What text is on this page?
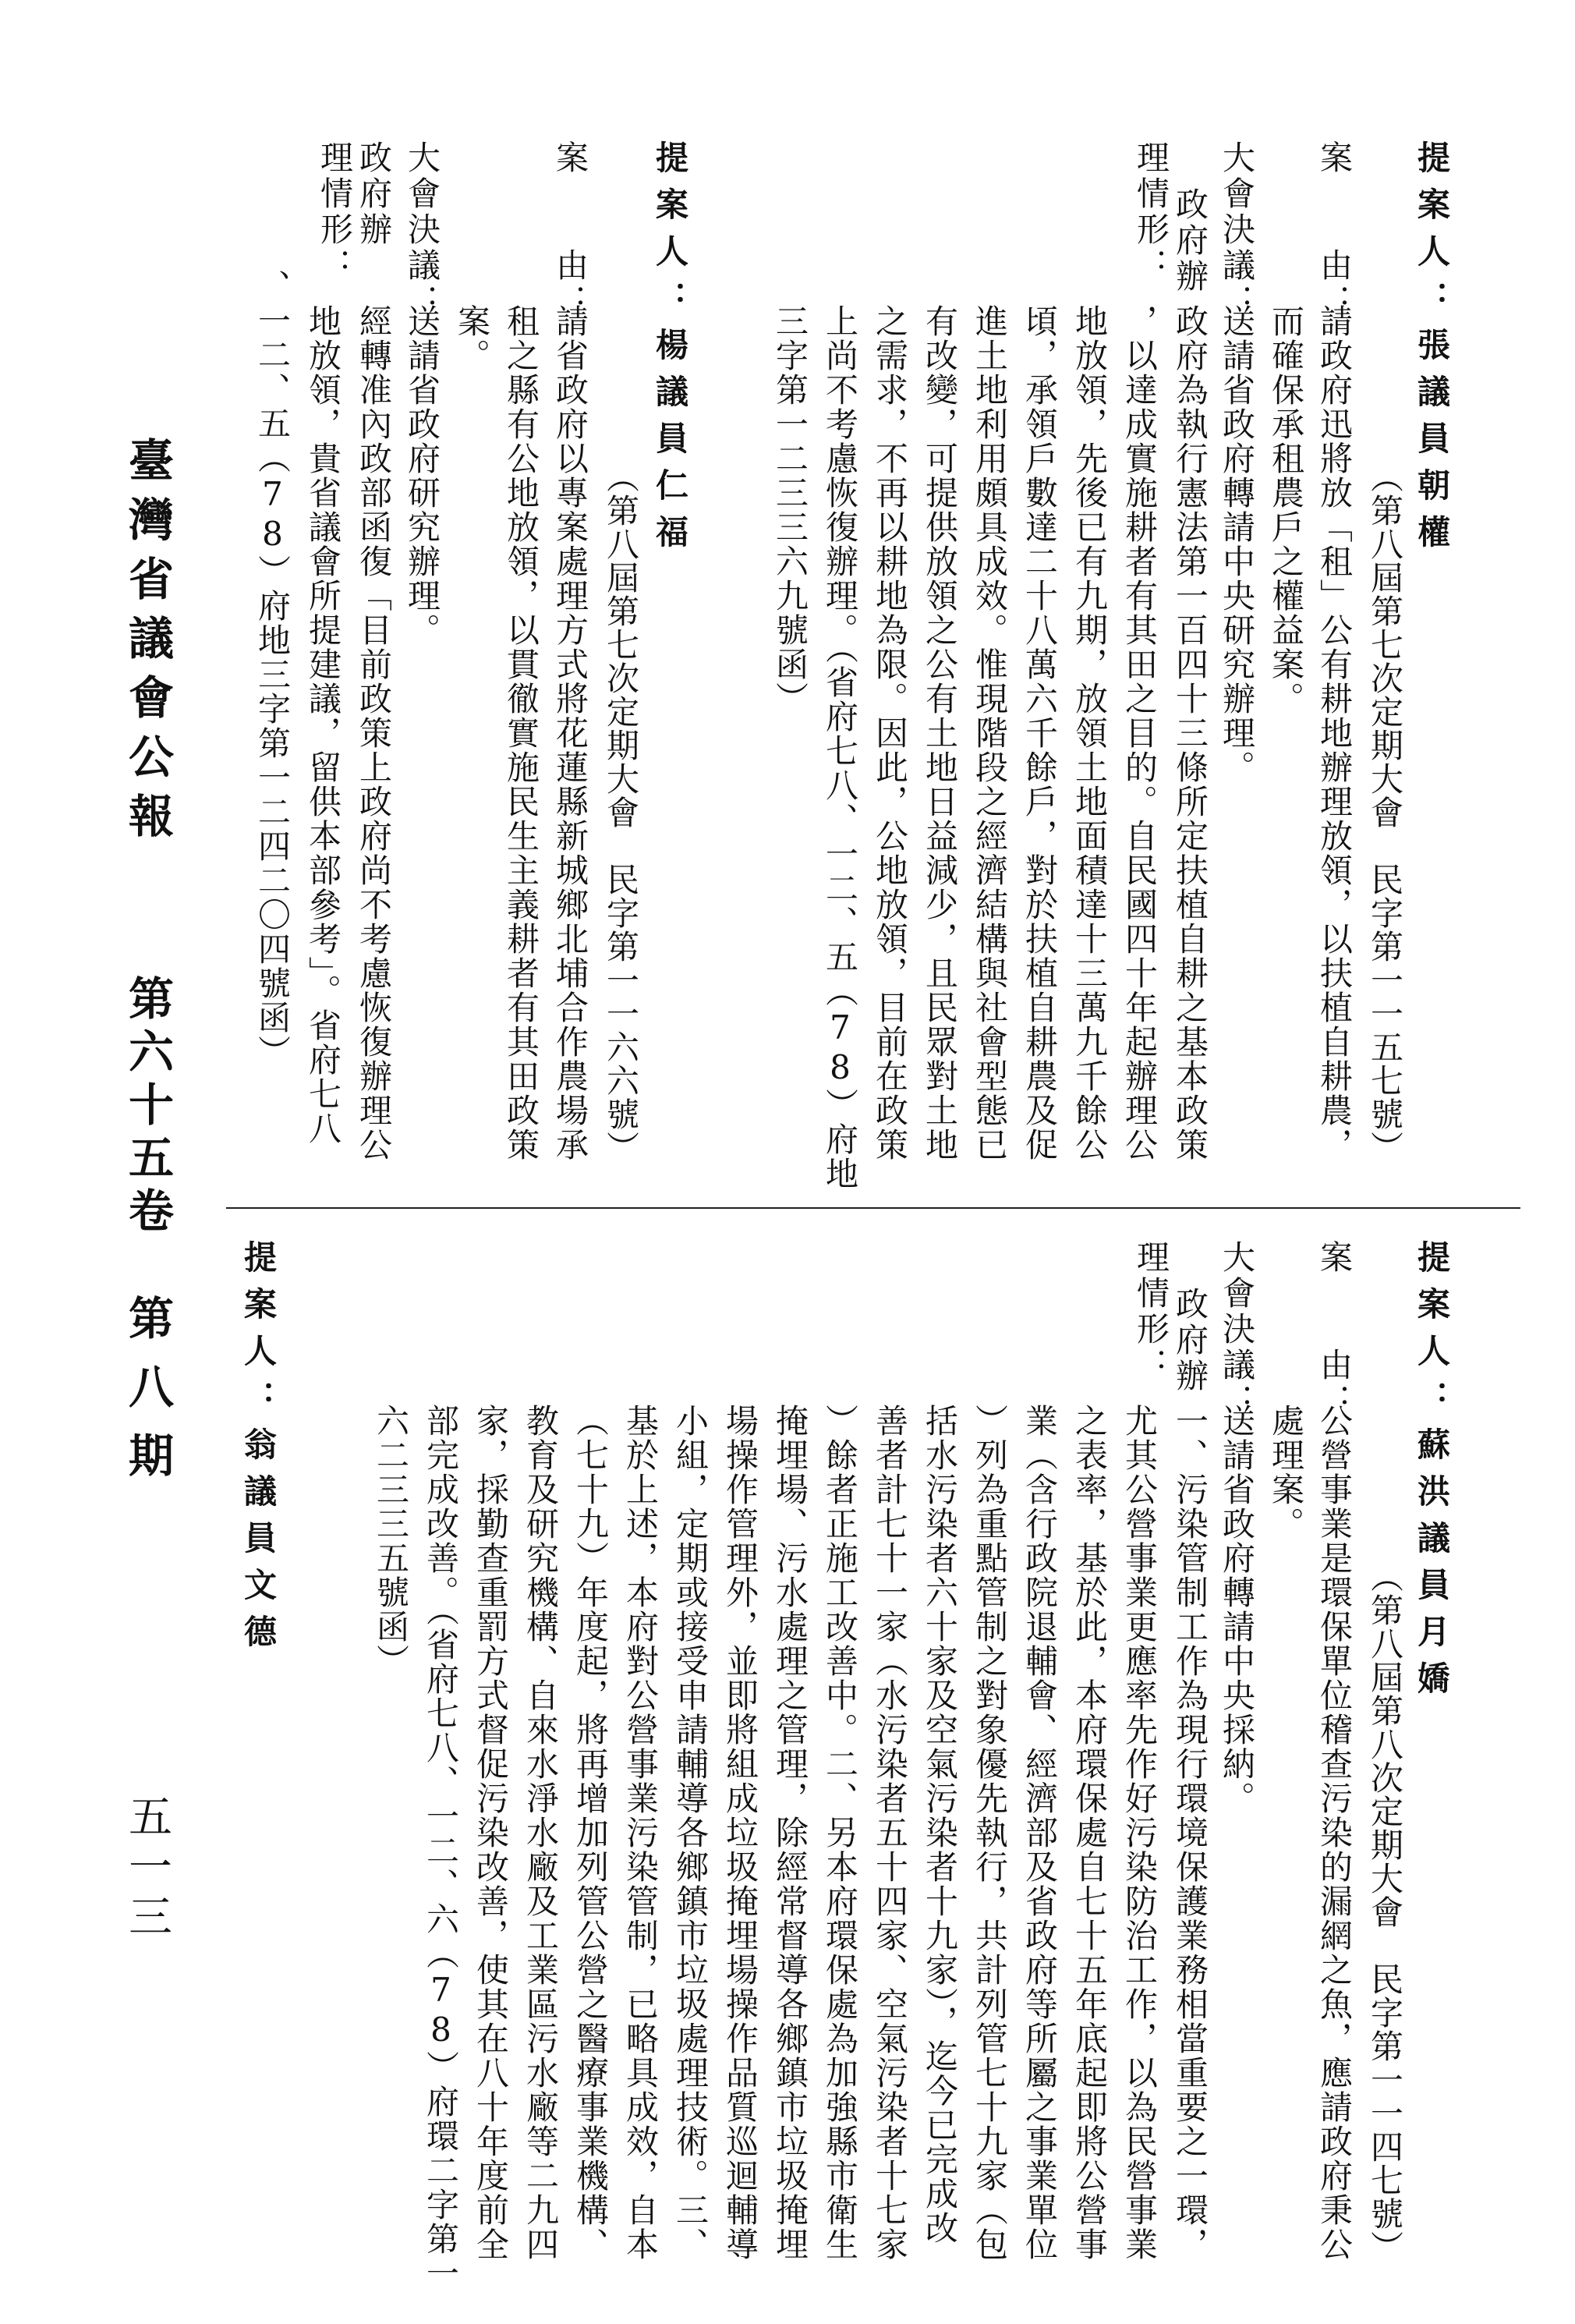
提案人：張議員朝權
（第八屆第七次定期大會　民字第一一五七號）
案　　由：
請政府迅將放「租」公有耕地辦理放領，以扶植自耕農，
而確保承租農戶之權益案。
大會決議：
送請省政府轉請中央研究辦理。
政府辦
理情形：
政府為執行憲法第一百四十三條所定扶植自耕之基本政策
，以達成實施耕者有其田之目的。自民國四十年起辦理公
地放領，先後已有九期，放領土地面積達十三萬九千餘公
頃，承領戶數達二十八萬六千餘戶，對於扶植自耕農及促
進土地利用頗具成效。惟現階段之經濟結構與社會型態已
有改變，可提供放領之公有土地日益減少，且民眾對土地
之需求，不再以耕地為限。因此，公地放領，目前在政策
上尚不考慮恢復辦理。（省府七八、一二、五（78）府地
三字第一二三三六九號函）
提案人：楊議員仁福
（第八屆第七次定期大會　民字第一一六六號）
案　　由：
請省政府以專案處理方式將花蓮縣新城鄉北埔合作農場承
租之縣有公地放領，以貫徹實施民生主義耕者有其田政策
案。
大會決議：
送請省政府研究辦理。
政府辦
理情形：
經轉准內政部函復「目前政策上政府尚不考慮恢復辦理公
地放領，貴省議會所提建議，留供本部參考」。省府七八
、一二、五（78）府地三字第一二四二〇四號函）
提案人：蘇洪議員月嬌
（第八屆第八次定期大會　民字第一一四七號）
案　　由：
公營事業是環保單位稽查污染的漏網之魚，應請政府秉公
處理案。
大會決議：
送請省政府轉請中央採納。
政府辦
理情形：
一、污染管制工作為現行環境保護業務相當重要之一環，
尤其公營事業更應率先作好污染防治工作，以為民營事業
之表率，基於此，本府環保處自七十五年底起即將公營事
業（含行政院退輔會、經濟部及省政府等所屬之事業單位
）列為重點管制之對象優先執行，共計列管七十九家（包
括水污染者六十家及空氣污染者十九家），迄今已完成改
善者計七十一家（水污染者五十四家、空氣污染者十七家
）餘者正施工改善中。二、另本府環保處為加強縣市衛生
掩埋場、污水處理之管理，除經常督導各鄉鎮市垃圾掩埋
場操作管理外，並即將組成垃圾掩埋場操作品質巡迴輔導
小組，定期或接受申請輔導各鄉鎮市垃圾處理技術。三、
基於上述，本府對公營事業污染管制，已略具成效，自本
（七十九）年度起，將再增加列管公營之醫療事業機構、
教育及研究機構、自來水淨水廠及工業區污水廠等二九四
家，採勤查重罰方式督促污染改善，使其在八十年度前全
部完成改善。（省府七八、一二、六（78）府環二字第一
六二三三五號函）
提案人：翁議員文德
臺灣省議會公報
第六十五卷
第八期
五一三
